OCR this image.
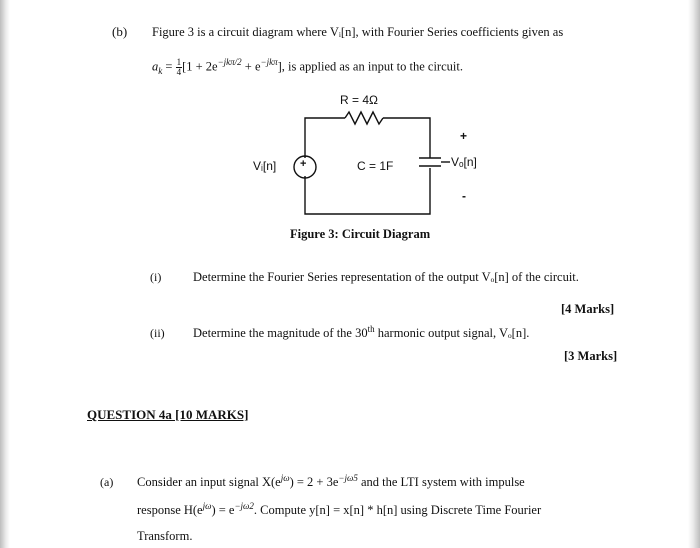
(b) Figure 3 is a circuit diagram where Vᵢ[n], with Fourier Series coefficients given as
$a_k = \frac{1}{4} [1 + 2e^{-jk\pi/2} + e^{-jk\pi}]$, is applied as an input to the circuit.
R = 4Ω
Vᵢ[n] +	C = 1F	Vₒ[n]
+
-
Figure 3: Circuit Diagram
(i)	Determine the Fourier Series representation of the output Vₒ[n] of the circuit.
[4 Marks]
(ii) Determine the magnitude of the 30th harmonic output signal, Vₒ[n].
[3 Marks]
QUESTION 4a [10 MARKS]
(a) Consider an input signal $X(e^{j\omega}) = 2 + 3e^{-j\omega 5}$ and the LTI system with impulse
response $H(e^{j\omega}) = e^{-j\omega 2}$. Compute y[n] = x[n] * h[n] using Discrete Time Fourier
Transform.
